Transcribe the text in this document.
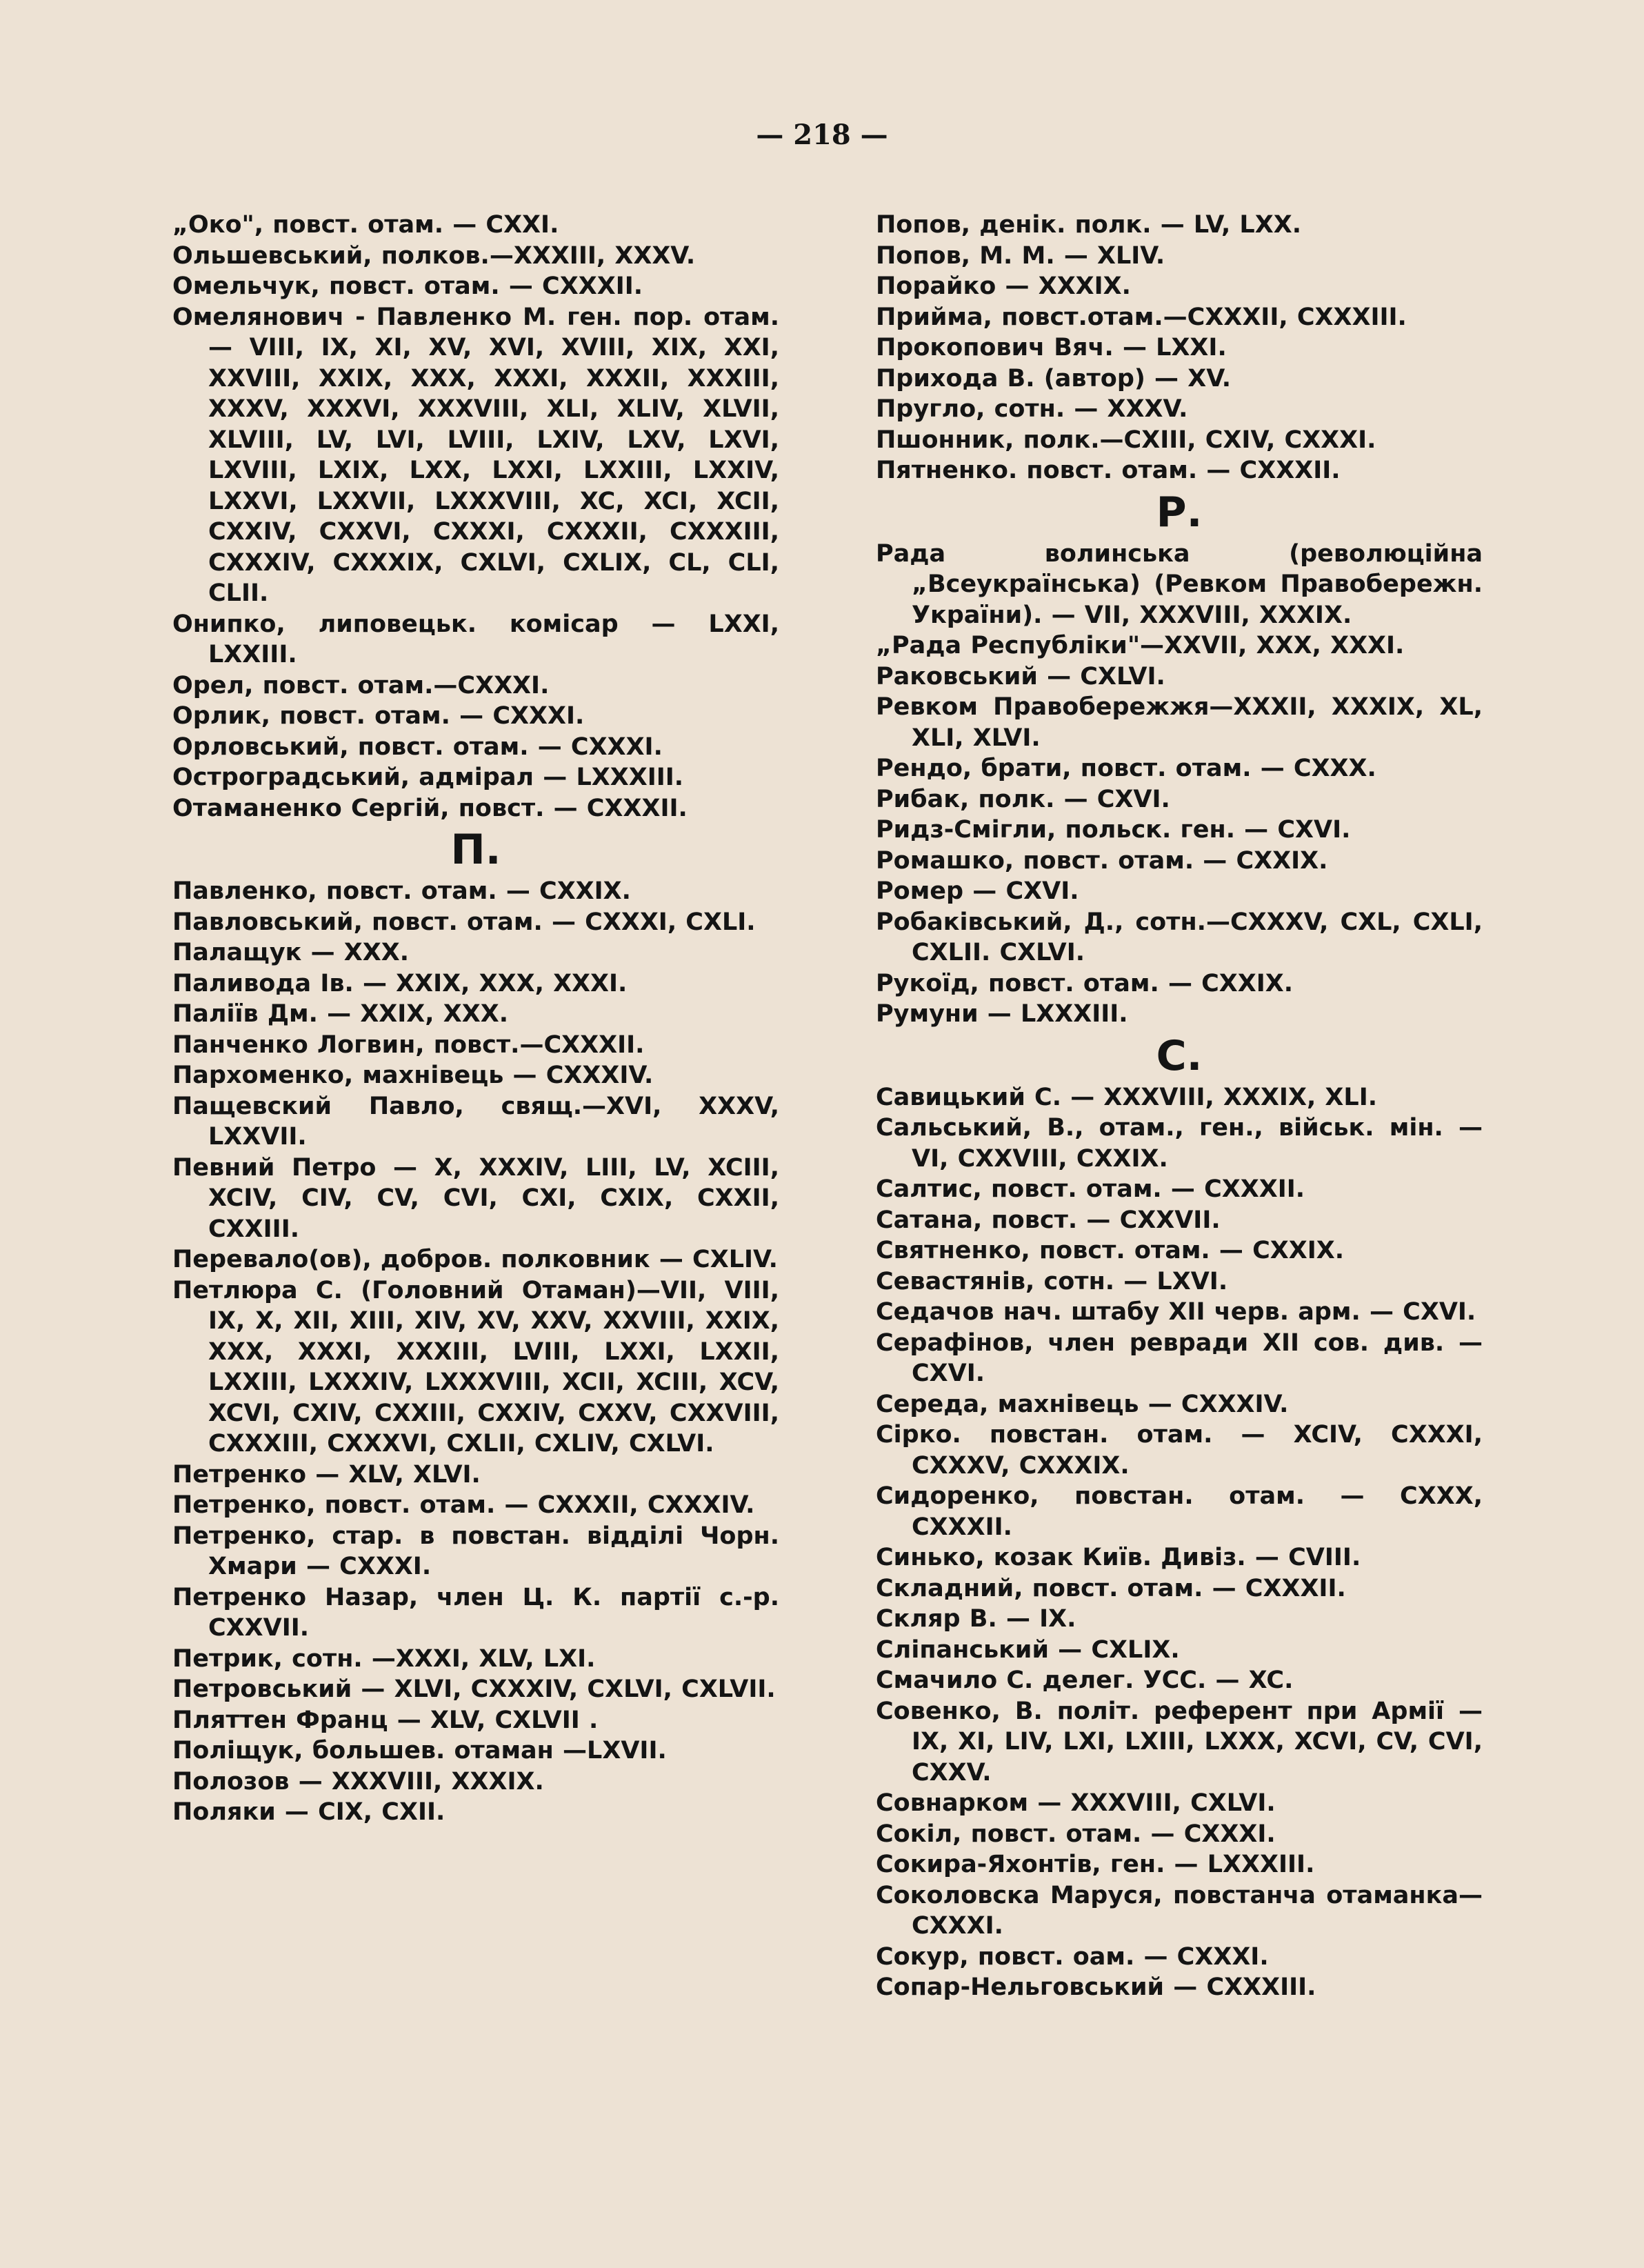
— 218 —
„Око", повст. отам. — CXXI.
Ольшевський, полков.—XXXIII, XXXV.
Омельчук, повст. отам. — CXXXII.
Омелянович - Павленко М. ген. пор. отам. — VIII, IX, XI, XV, XVI, XVIII, XIX, XXI, XXVIII, XXIX, XXX, XXXI, XXXII, XXXIII, XXXV, XXXVI, XXXVIII, XLI, XLIV, XLVII, XLVIII, LV, LVI, LVIII, LXIV, LXV, LXVI, LXVIII, LXIX, LXX, LXXI, LXXIII, LXXIV, LXXVI, LXXVII, LXXXVIII, XC, XCI, XCII, CXXIV, CXXVI, CXXXI, CXXXII, CXXXIII, CXXXIV, CXXXIX, CXLVI, CXLIX, CL, CLI, CLII.
Онипко, липовецьк. комісар — LXXI, LXXIII.
Орел, повст. отам.—CXXXI.
Орлик, повст. отам. — CXXXI.
Орловський, повст. отам. — CXXXI.
Остроградський, адмірал — LXXXIII.
Отаманенко Сергій, повст. — CXXXII.
П.
Павленко, повст. отам. — CXXIX.
Павловський, повст. отам. — CXXXI, CXLI.
Палащук — XXX.
Паливода Ів. — XXIX, XXX, XXXI.
Паліїв Дм. — XXIX, XXX.
Панченко Логвин, повст.—CXXXII.
Пархоменко, махнівець — CXXXIV.
Пащевский Павло, свящ.—XVI, XXXV, LXXVII.
Певний Петро — X, XXXIV, LIII, LV, XCIII, XCIV, CIV, CV, CVI, CXI, CXIX, CXXII, CXXIII.
Перевало(ов), добров. полковник — CXLIV.
Петлюра С. (Головний Отаман)—VII, VIII, IX, X, XII, XIII, XIV, XV, XXV, XXVIII, XXIX, XXX, XXXI, XXXIII, LVIII, LXXI, LXXII, LXXIII, LXXXIV, LXXXVIII, XCII, XCIII, XCV, XCVI, CXIV, CXXIII, CXXIV, CXXV, CXXVIII, CXXXIII, CXXXVI, CXLII, CXLIV, CXLVI.
Петренко — XLV, XLVI.
Петренко, повст. отам. — CXXXII, CXXXIV.
Петренко, стар. в повстан. відділі Чорн. Хмари — CXXXI.
Петренко Назар, член Ц. К. партії с.-р. CXXVII.
Петрик, сотн. —XXXI, XLV, LXI.
Петровський — XLVI, CXXXIV, CXLVI, CXLVII.
Пляттен Франц — XLV, CXLVII .
Поліщук, большев. отаман —LXVII.
Полозов — XXXVIII, XXXIX.
Поляки — CIX, CXII.
Попов, денік. полк. — LV, LXX.
Попов, М. М. — XLIV.
Порайко — XXXIX.
Прийма, повст.отам.—CXXXII, CXXXIII.
Прокопович Вяч. — LXXI.
Прихода В. (автор) — XV.
Пругло, сотн. — XXXV.
Пшонник, полк.—CXIII, CXIV, CXXXI.
Пятненко. повст. отам. — CXXXII.
Р.
Рада волинська (революційна „Всеукраїнська) (Ревком Правобережн. України). — VII, XXXVIII, XXXIX.
„Рада Республіки"—XXVII, XXX, XXXI.
Раковський — CXLVI.
Ревком Правобережжя—XXXII, XXXIX, XL, XLI, XLVI.
Рендо, брати, повст. отам. — CXXX.
Рибак, полк. — CXVI.
Ридз-Смігли, польск. ген. — CXVI.
Ромашко, повст. отам. — CXXIX.
Ромер — CXVI.
Робаківський, Д., сотн.—CXXXV, CXL, CXLI, CXLII. CXLVI.
Рукоїд, повст. отам. — CXXIX.
Румуни — LXXXIII.
С.
Савицький С. — XXXVIII, XXXIX, XLI.
Сальський, В., отам., ген., військ. мін. — VI, CXXVIII, CXXIX.
Салтис, повст. отам. — CXXXII.
Сатана, повст. — CXXVII.
Святненко, повст. отам. — CXXIX.
Севастянів, сотн. — LXVI.
Седачов нач. штабу XII черв. арм. — CXVI.
Серафінов, член ревради XII сов. див. — CXVI.
Середа, махнівець — CXXXIV.
Сірко. повстан. отам. — XCIV, CXXXI, CXXXV, CXXXIX.
Сидоренко, повстан. отам. — CXXX, CXXXII.
Синько, козак Київ. Дивіз. — CVIII.
Складний, повст. отам. — CXXXII.
Скляр В. — IX.
Сліпанський — CXLIX.
Смачило С. делег. УСС. — XC.
Совенко, В. політ. референт при Армії — IX, XI, LIV, LXI, LXIII, LXXX, XCVI, CV, CVI, CXXV.
Совнарком — XXXVIII, CXLVI.
Сокіл, повст. отам. — CXXXI.
Сокира-Яхонтів, ген. — LXXXIII.
Соколовска Маруся, повстанча отаманка—CXXXI.
Сокур, повст. оам. — CXXXI.
Сопар-Нельговський — CXXXIII.
